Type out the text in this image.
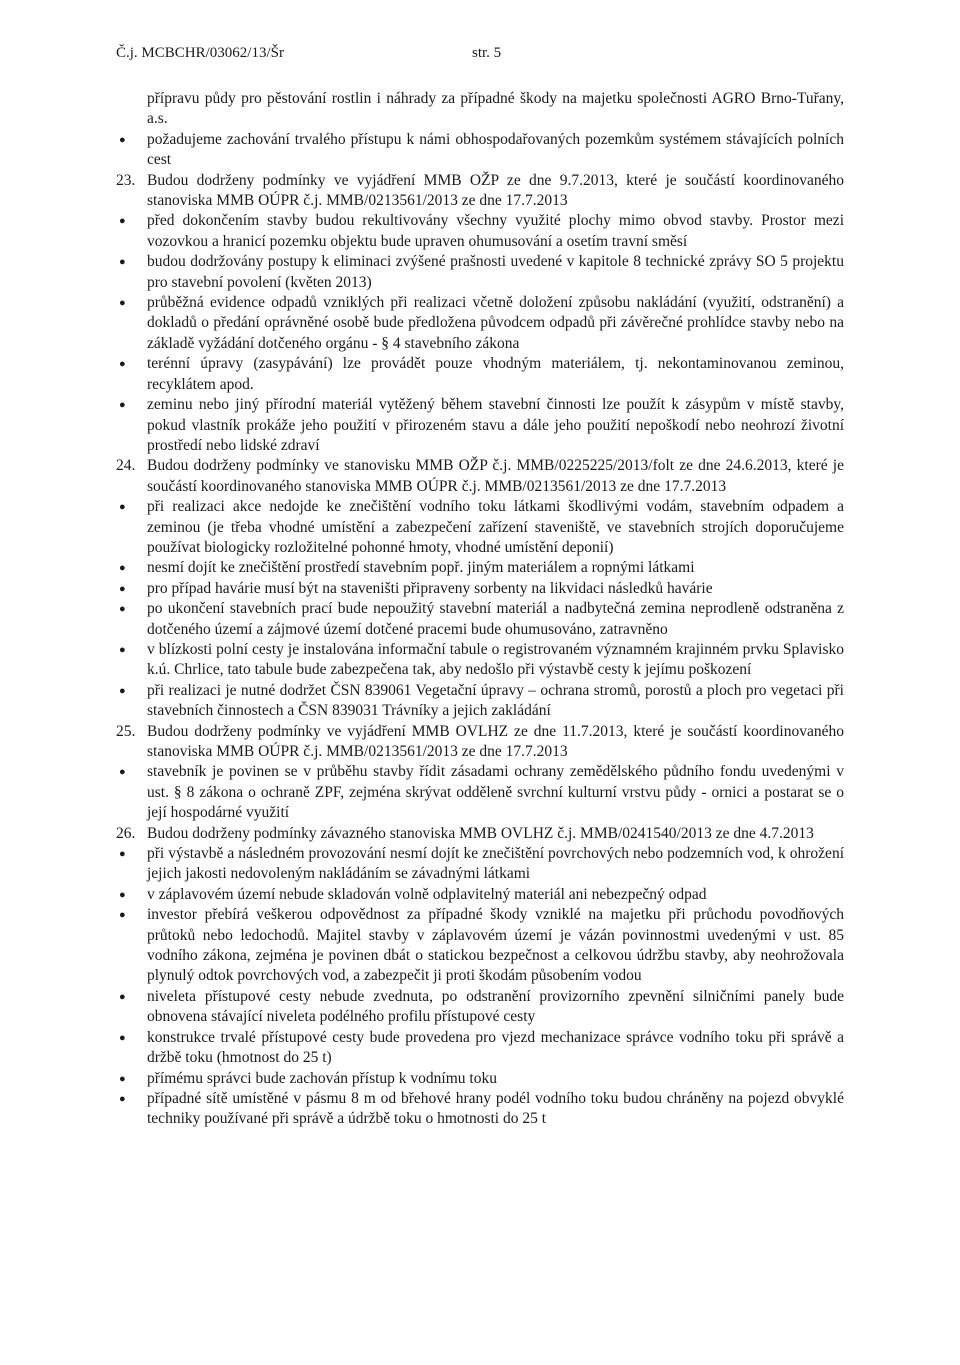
Č.j. MCBCHR/03062/13/Šr	str. 5
přípravu půdy pro pěstování rostlin i náhrady za případné škody na majetku společnosti AGRO Brno-Tuřany, a.s.
● požadujeme zachování trvalého přístupu k námi obhospodařovaných pozemkům systémem stávajících polních cest
23. Budou dodrženy podmínky ve vyjádření MMB OŽP ze dne 9.7.2013, které je součástí koordinovaného stanoviska MMB OÚPR č.j. MMB/0213561/2013 ze dne 17.7.2013
● před dokončením stavby budou rekultivovány všechny využité plochy mimo obvod stavby. Prostor mezi vozovkou a hranicí pozemku objektu bude upraven ohumusování a osetím travní směsí
● budou dodržovány postupy k eliminaci zvýšené prašnosti uvedené v kapitole 8 technické zprávy SO 5 projektu pro stavební povolení (květen 2013)
● průběžná evidence odpadů vzniklých při realizaci včetně doložení způsobu nakládání (využití, odstranění) a dokladů o předání oprávněné osobě bude předložena původcem odpadů při závěrečné prohlídce stavby nebo na základě vyžádání dotčeného orgánu - § 4 stavebního zákona
● terénní úpravy (zasypávání) lze provádět pouze vhodným materiálem, tj. nekontaminovanou zeminou, recyklátem apod.
● zeminu nebo jiný přírodní materiál vytěžený během stavební činnosti lze použít k zásypům v místě stavby, pokud vlastník prokáže jeho použití v přirozeném stavu a dále jeho použití nepoškodí nebo neohrozí životní prostředí nebo lidské zdraví
24. Budou dodrženy podmínky ve stanovisku MMB OŽP č.j. MMB/0225225/2013/folt ze dne 24.6.2013, které je součástí koordinovaného stanoviska MMB OÚPR č.j. MMB/0213561/2013 ze dne 17.7.2013
● při realizaci akce nedojde ke znečištění vodního toku látkami škodlivými vodám, stavebním odpadem a zeminou (je třeba vhodné umístění a zabezpečení zařízení staveniště, ve stavebních strojích doporučujeme používat biologicky rozložitelné pohonné hmoty, vhodné umístění deponií)
● nesmí dojít ke znečištění prostředí stavebním popř. jiným materiálem a ropnými látkami
● pro případ havárie musí být na staveništi připraveny sorbenty na likvidaci následků havárie
● po ukončení stavebních prací bude nepoužitý stavební materiál a nadbytečná zemina neprodleně odstraněna z dotčeného území a zájmové území dotčené pracemi bude ohumusováno, zatravněno
● v blízkosti polní cesty je instalována informační tabule o registrovaném významném krajinném prvku Splavisko k.ú. Chrlice, tato tabule bude zabezpečena tak, aby nedošlo při výstavbě cesty k jejímu poškození
● při realizaci je nutné dodržet ČSN 839061 Vegetační úpravy – ochrana stromů, porostů a ploch pro vegetaci při stavebních činnostech a ČSN 839031 Trávníky a jejich zakládání
25. Budou dodrženy podmínky ve vyjádření MMB OVLHZ ze dne 11.7.2013, které je součástí koordinovaného stanoviska MMB OÚPR č.j. MMB/0213561/2013 ze dne 17.7.2013
● stavebník je povinen se v průběhu stavby řídit zásadami ochrany zemědělského půdního fondu uvedenými v ust. § 8 zákona o ochraně ZPF, zejména skrývat odděleně svrchní kulturní vrstvu půdy - ornici a postarat se o její hospodárné využití
26. Budou dodrženy podmínky závazného stanoviska MMB OVLHZ č.j. MMB/0241540/2013 ze dne 4.7.2013
● při výstavbě a následném provozování nesmí dojít ke znečištění povrchových nebo podzemních vod, k ohrožení jejich jakosti nedovoleným nakládáním se závadnými látkami
● v záplavovém území nebude skladován volně odplavitelný materiál ani nebezpečný odpad
● investor přebírá veškerou odpovědnost za případné škody vzniklé na majetku při průchodu povodňových průtoků nebo ledochodů. Majitel stavby v záplavovém území je vázán povinnostmi uvedenými v ust. 85 vodního zákona, zejména je povinen dbát o statickou bezpečnost a celkovou údržbu stavby, aby neohrožovala plynulý odtok povrchových vod, a zabezpečit ji proti škodám působením vodou
● niveleta přístupové cesty nebude zvednuta, po odstranění provizorního zpevnění silničními panely bude obnovena stávající niveleta podélného profilu přístupové cesty
● konstrukce trvalé přístupové cesty bude provedena pro vjezd mechanizace správce vodního toku při správě a držbě toku (hmotnost do 25 t)
● přímému správci bude zachován přístup k vodnímu toku
● případné sítě umístěné v pásmu 8 m od břehové hrany podél vodního toku budou chráněny na pojezd obvyklé techniky používané při správě a údržbě toku o hmotnosti do 25 t
